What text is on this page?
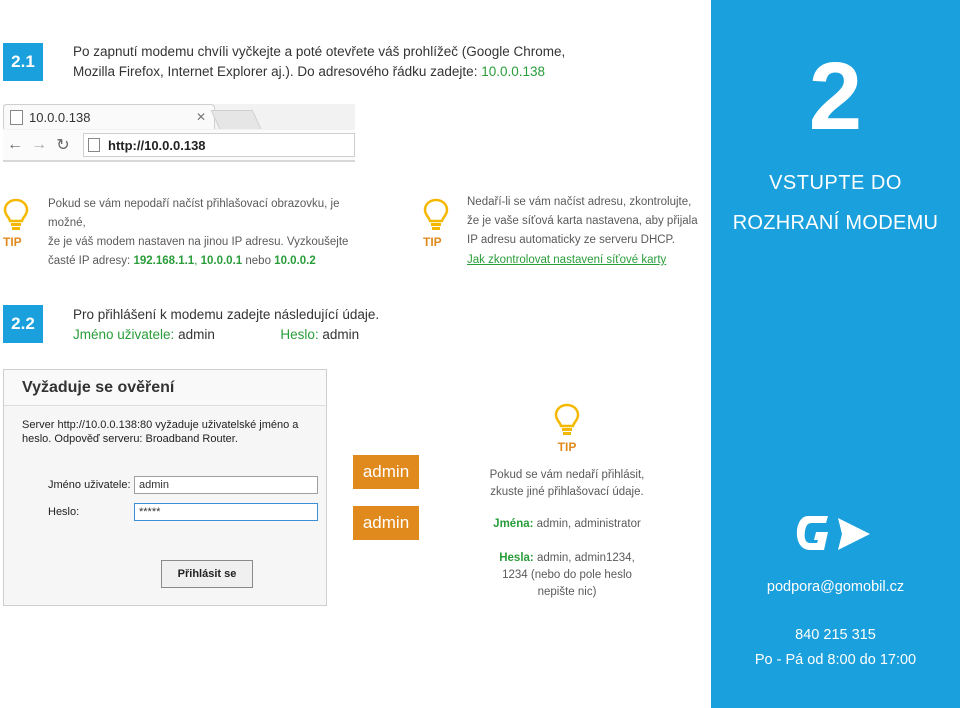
2.1
Po zapnutí modemu chvíli vyčkejte a poté otevřete váš prohlížeč (Google Chrome,
Mozilla Firefox, Internet Explorer aj.). Do adresového řádku zadejte: 10.0.0.138
10.0.0.138	✕
← → ↻	http://10.0.0.138
TIP
Pokud se vám nepodaří načíst přihlašovací obrazovku, je možné,
že je váš modem nastaven na jinou IP adresu. Vyzkoušejte
časté IP adresy: 192.168.1.1, 10.0.0.1 nebo 10.0.0.2
TIP
Nedaří-li se vám načíst adresu, zkontrolujte,
že je vaše síťová karta nastavena, aby přijala
IP adresu automaticky ze serveru DHCP.
Jak zkontrolovat nastavení síťové karty
2.2	Pro přihlášení k modemu zadejte následující údaje.
Jméno uživatele: admin	Heslo: admin
Vyžaduje se ověření
Server http://10.0.0.138:80 vyžaduje uživatelské jméno a heslo. Odpověď serveru: Broadband Router.
Jméno uživatele: admin
Heslo:	*****
Přihlásit se
admin
admin
TIP
Pokud se vám nedaří přihlásit,
zkuste jiné přihlašovací údaje.
Jména: admin, administrator
Hesla: admin, admin1234,
1234 (nebo do pole heslo
nepište nic)
2
VSTUPTE DO
ROZHRANÍ MODEMU
podpora@gomobil.cz
840 215 315
Po - Pá od 8:00 do 17:00
